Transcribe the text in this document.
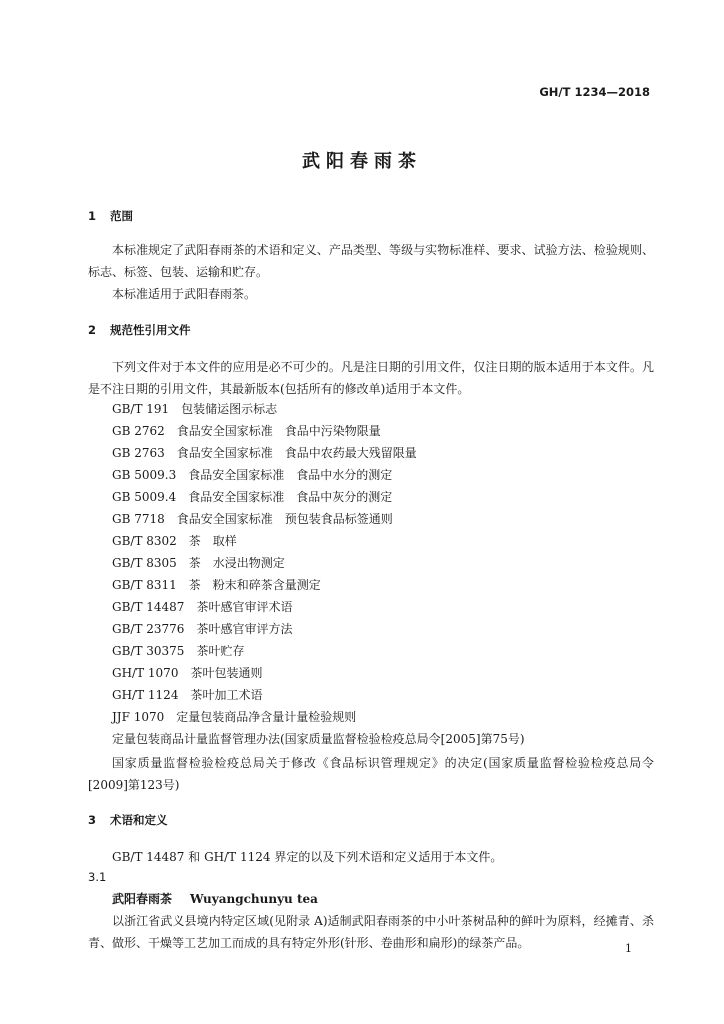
GH/T 1234—2018
武阳春雨茶
1 范围
本标准规定了武阳春雨茶的术语和定义、产品类型、等级与实物标准样、要求、试验方法、检验规则、标志、标签、包装、运输和贮存。
本标准适用于武阳春雨茶。
2 规范性引用文件
下列文件对于本文件的应用是必不可少的。凡是注日期的引用文件，仅注日期的版本适用于本文件。凡是不注日期的引用文件，其最新版本(包括所有的修改单)适用于本文件。
GB/T 191　包装储运图示标志
GB 2762　食品安全国家标准　食品中污染物限量
GB 2763　食品安全国家标准　食品中农药最大残留限量
GB 5009.3　食品安全国家标准　食品中水分的测定
GB 5009.4　食品安全国家标准　食品中灰分的测定
GB 7718　食品安全国家标准　预包装食品标签通则
GB/T 8302　茶　取样
GB/T 8305　茶　水浸出物测定
GB/T 8311　茶　粉末和碎茶含量测定
GB/T 14487　茶叶感官审评术语
GB/T 23776　茶叶感官审评方法
GB/T 30375　茶叶贮存
GH/T 1070　茶叶包装通则
GH/T 1124　茶叶加工术语
JJF 1070　定量包装商品净含量计量检验规则
定量包装商品计量监督管理办法(国家质量监督检验检疫总局令[2005]第75号)
国家质量监督检验检疫总局关于修改《食品标识管理规定》的决定(国家质量监督检验检疫总局令[2009]第123号)
3 术语和定义
GB/T 14487 和 GH/T 1124 界定的以及下列术语和定义适用于本文件。
3.1
武阳春雨茶 Wuyangchunyu tea
以浙江省武义县境内特定区域(见附录 A)适制武阳春雨茶的中小叶茶树品种的鲜叶为原料，经摊青、杀青、做形、干燥等工艺加工而成的具有特定外形(针形、卷曲形和扁形)的绿茶产品。	1
